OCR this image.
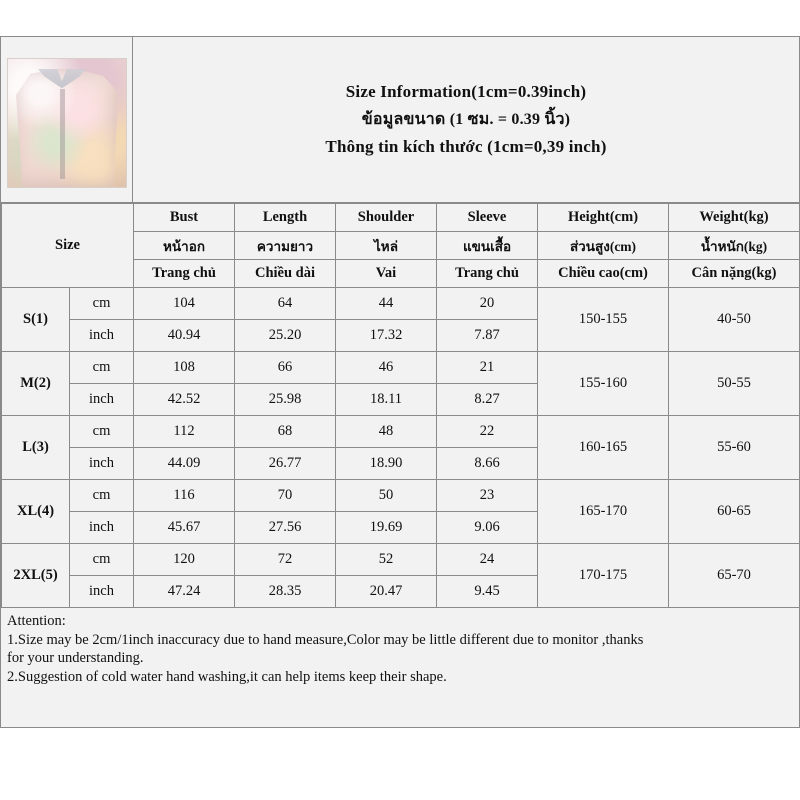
Size Information(1cm=0.39inch)
ข้อมูลขนาด (1 ซม. = 0.39 นิ้ว)
Thông tin kích thước (1cm=0,39 inch)
Size		Bust	Length	Shoulder	Sleeve	Height(cm)	Weight(kg)
		หน้าอก	ความยาว	ไหล่	แขนเสื้อ	ส่วนสูง(cm)	น้ำหนัก(kg)
		Trang chủ	Chiều dài	Vai	Trang chủ	Chiều cao(cm)	Cân nặng(kg)
S(1)	cm	104	64	44	20	150-155	40-50
	inch	40.94	25.20	17.32	7.87		
M(2)	cm	108	66	46	21	155-160	50-55
	inch	42.52	25.98	18.11	8.27		
L(3)	cm	112	68	48	22	160-165	55-60
	inch	44.09	26.77	18.90	8.66		
XL(4)	cm	116	70	50	23	165-170	60-65
	inch	45.67	27.56	19.69	9.06		
2XL(5)	cm	120	72	52	24	170-175	65-70
	inch	47.24	28.35	20.47	9.45		
Attention:
1.Size may be 2cm/1inch inaccuracy due to hand measure,Color may be little different due to monitor ,thanks
for your understanding.
2.Suggestion of cold water hand washing,it can help items keep their shape.
